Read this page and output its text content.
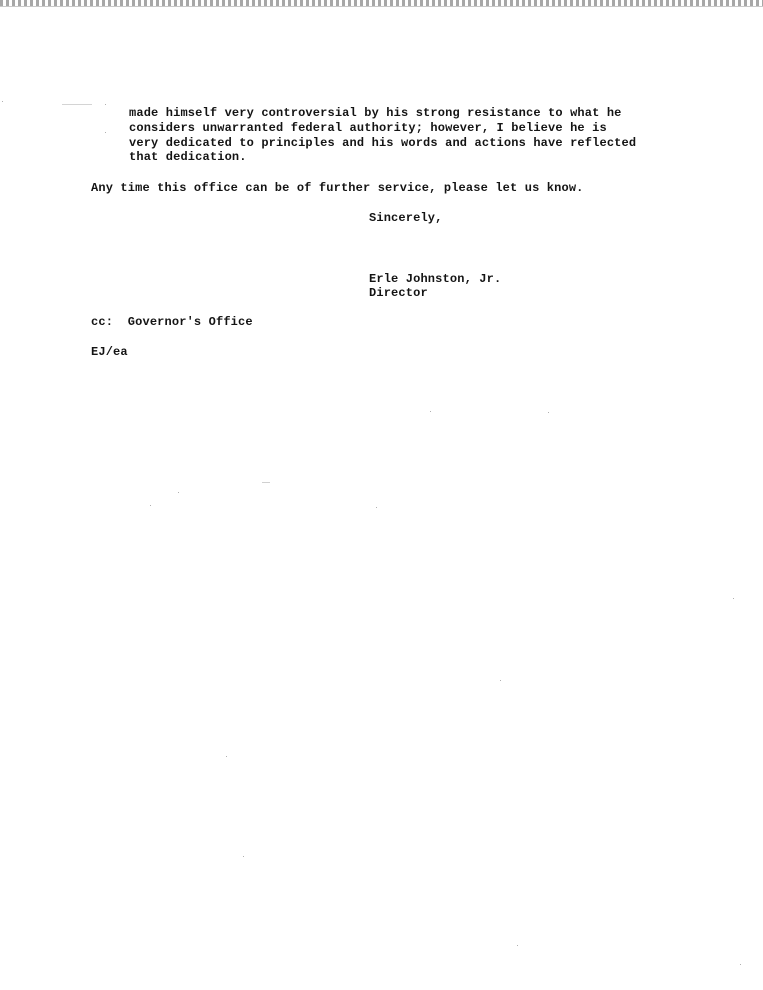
made himself very controversial by his strong resistance to what he
considers unwarranted federal authority; however, I believe he is
very dedicated to principles and his words and actions have reflected
that dedication.
Any time this office can be of further service, please let us know.
Sincerely,
Erle Johnston, Jr.
Director
cc: Governor's Office
EJ/ea
